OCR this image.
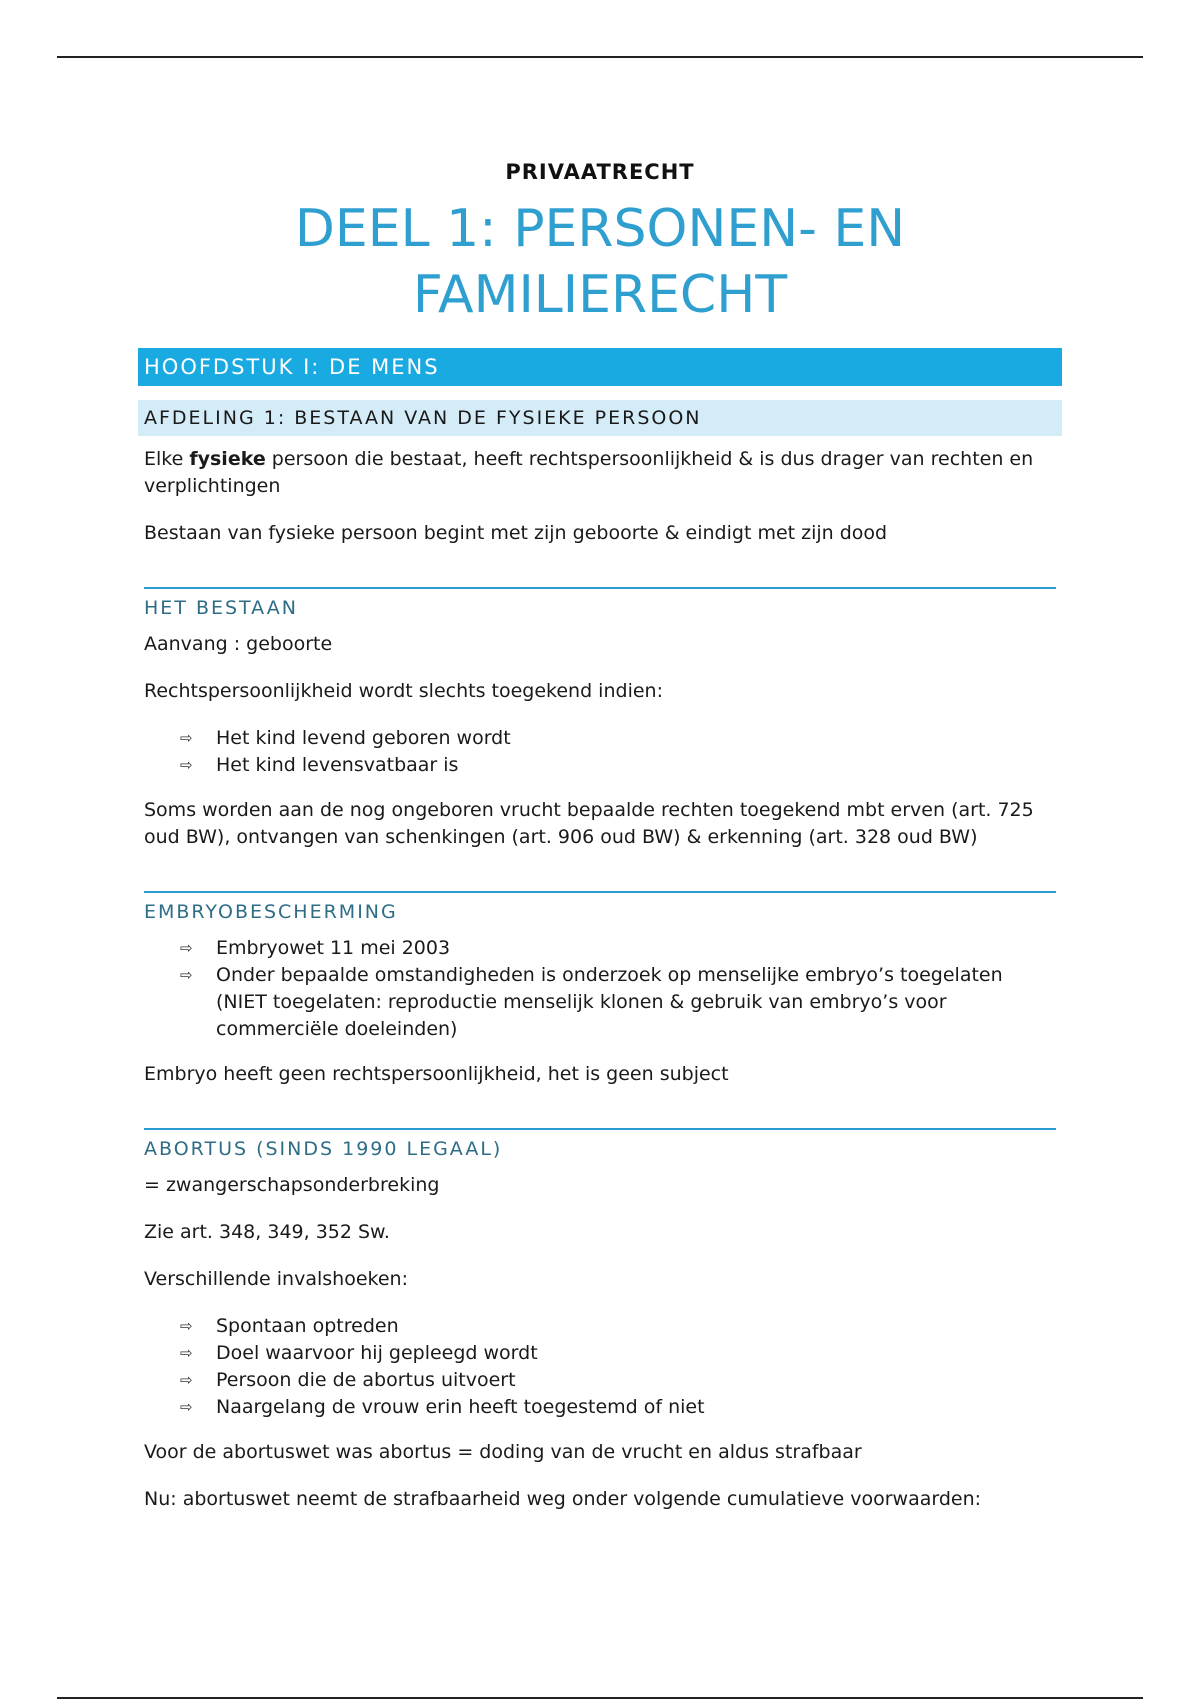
PRIVAATRECHT
DEEL 1: PERSONEN- EN FAMILIERECHT
HOOFDSTUK I: DE MENS
AFDELING 1: BESTAAN VAN DE FYSIEKE PERSOON

Elke fysieke persoon die bestaat, heeft rechtspersoonlijkheid & is dus drager van rechten en verplichtingen

Bestaan van fysieke persoon begint met zijn geboorte & eindigt met zijn dood

HET BESTAAN

Aanvang : geboorte

Rechtspersoonlijkheid wordt slechts toegekend indien:

⇨ Het kind levend geboren wordt
⇨ Het kind levensvatbaar is

Soms worden aan de nog ongeboren vrucht bepaalde rechten toegekend mbt erven (art. 725 oud BW), ontvangen van schenkingen (art. 906 oud BW) & erkenning (art. 328 oud BW)

EMBRYOBESCHERMING
⇨ Embryowet 11 mei 2003
⇨ Onder bepaalde omstandigheden is onderzoek op menselijke embryo’s toegelaten (NIET toegelaten: reproductie menselijk klonen & gebruik van embryo’s voor commerciële doeleinden)

Embryo heeft geen rechtspersoonlijkheid, het is geen subject

ABORTUS (SINDS 1990 LEGAAL)

= zwangerschapsonderbreking

Zie art. 348, 349, 352 Sw.

Verschillende invalshoeken:

⇨ Spontaan optreden
⇨ Doel waarvoor hij gepleegd wordt
⇨ Persoon die de abortus uitvoert
⇨ Naargelang de vrouw erin heeft toegestemd of niet

Voor de abortuswet was abortus = doding van de vrucht en aldus strafbaar

Nu: abortuswet neemt de strafbaarheid weg onder volgende cumulatieve voorwaarden:
